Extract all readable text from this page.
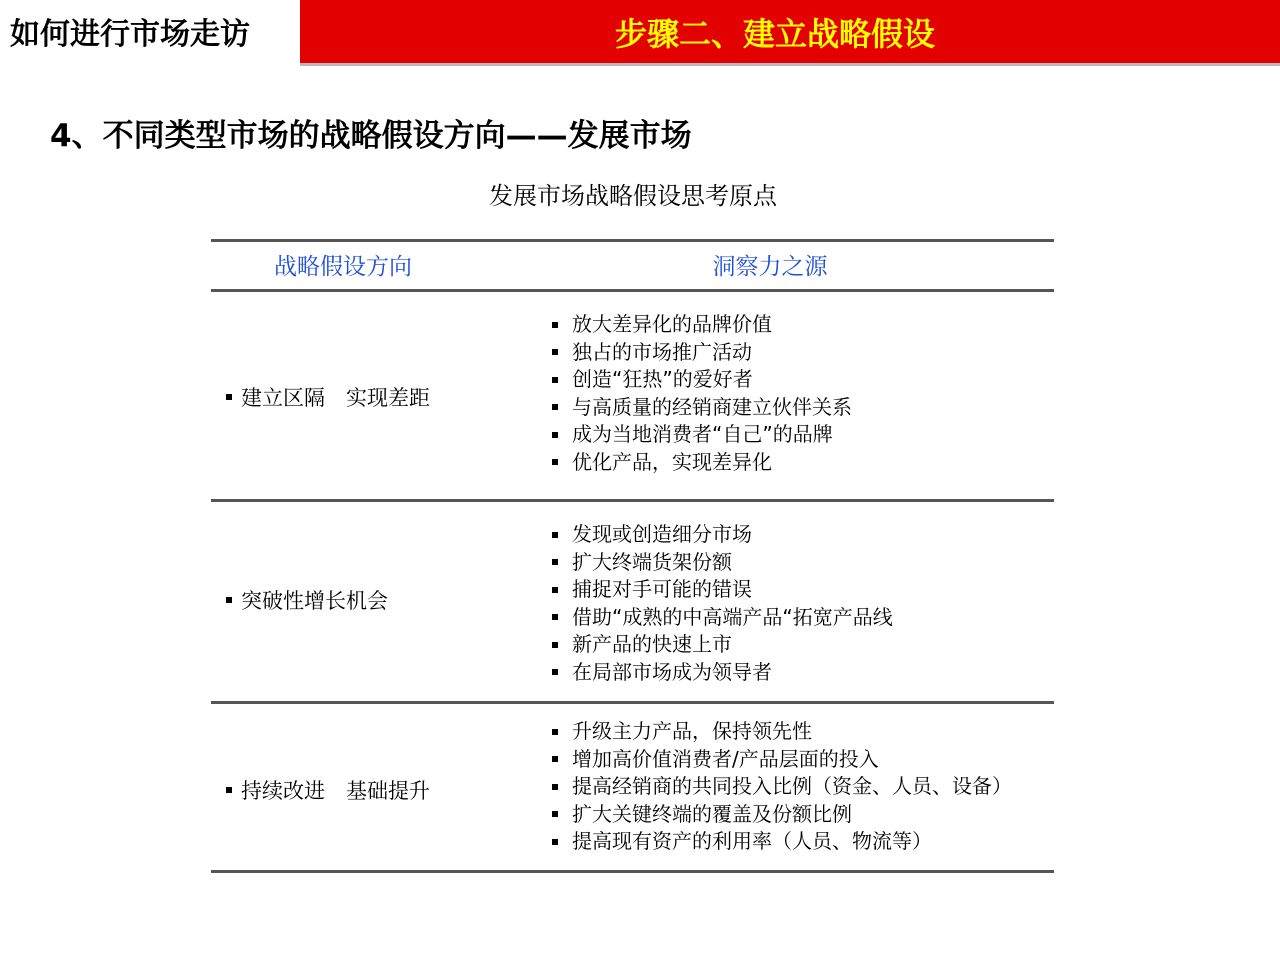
如何进行市场走访	步骤二、建立战略假设
4、不同类型市场的战略假设方向——发展市场
发展市场战略假设思考原点
战略假设方向	洞察力之源
建立区隔　实现差距
放大差异化的品牌价值
独占的市场推广活动
创造“狂热”的爱好者
与高质量的经销商建立伙伴关系
成为当地消费者“自己”的品牌
优化产品，实现差异化
突破性增长机会
发现或创造细分市场
扩大终端货架份额
捕捉对手可能的错误
借助“成熟的中高端产品“拓宽产品线
新产品的快速上市
在局部市场成为领导者
持续改进　基础提升
升级主力产品，保持领先性
增加高价值消费者/产品层面的投入
提高经销商的共同投入比例（资金、人员、设备）
扩大关键终端的覆盖及份额比例
提高现有资产的利用率（人员、物流等）
